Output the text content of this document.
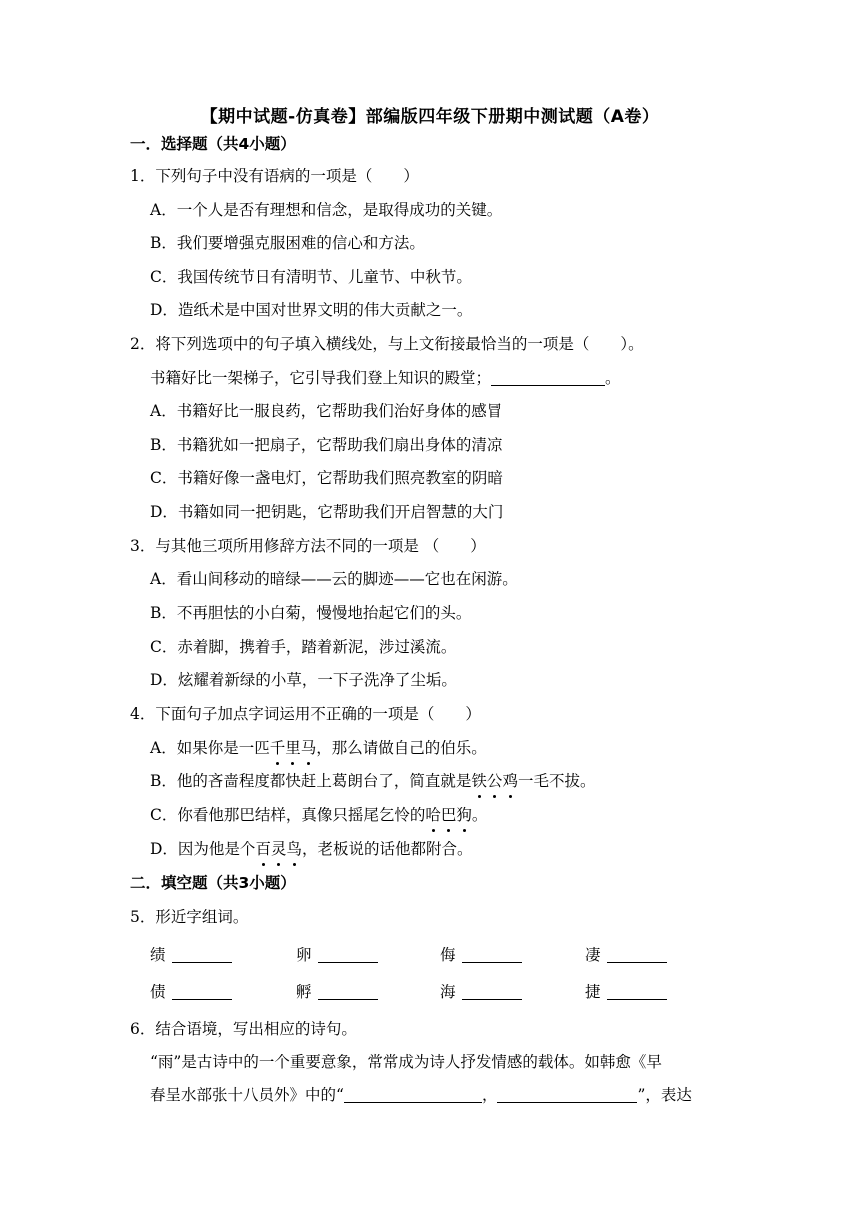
【期中试题-仿真卷】部编版四年级下册期中测试题（A卷）
一．选择题（共4小题）
1．下列句子中没有语病的一项是（　　）
A．一个人是否有理想和信念，是取得成功的关键。
B．我们要增强克服困难的信心和方法。
C．我国传统节日有清明节、儿童节、中秋节。
D．造纸术是中国对世界文明的伟大贡献之一。
2．将下列选项中的句子填入横线处，与上文衔接最恰当的一项是（　　）。
书籍好比一架梯子，它引导我们登上知识的殿堂；	。
A．书籍好比一服良药，它帮助我们治好身体的感冒
B．书籍犹如一把扇子，它帮助我们扇出身体的清凉
C．书籍好像一盏电灯，它帮助我们照亮教室的阴暗
D．书籍如同一把钥匙，它帮助我们开启智慧的大门
3．与其他三项所用修辞方法不同的一项是 （　　）
A．看山间移动的暗绿——云的脚迹——它也在闲游。
B．不再胆怯的小白菊，慢慢地抬起它们的头。
C．赤着脚，携着手，踏着新泥，涉过溪流。
D．炫耀着新绿的小草，一下子洗净了尘垢。
4．下面句子加点字词运用不正确的一项是（　　）
A．如果你是一匹千里马，那么请做自己的伯乐。
B．他的吝啬程度都快赶上葛朗台了，简直就是铁公鸡一毛不拔。
C．你看他那巴结样，真像只摇尾乞怜的哈巴狗。
D．因为他是个百灵鸟，老板说的话他都附合。
二．填空题（共3小题）
5．形近字组词。
绩	卵	侮	凄
债	孵	海	捷
6．结合语境，写出相应的诗句。
“雨”是古诗中的一个重要意象，常常成为诗人抒发情感的载体。如韩愈《早
春呈水部张十八员外》中的“	，	”，表达
